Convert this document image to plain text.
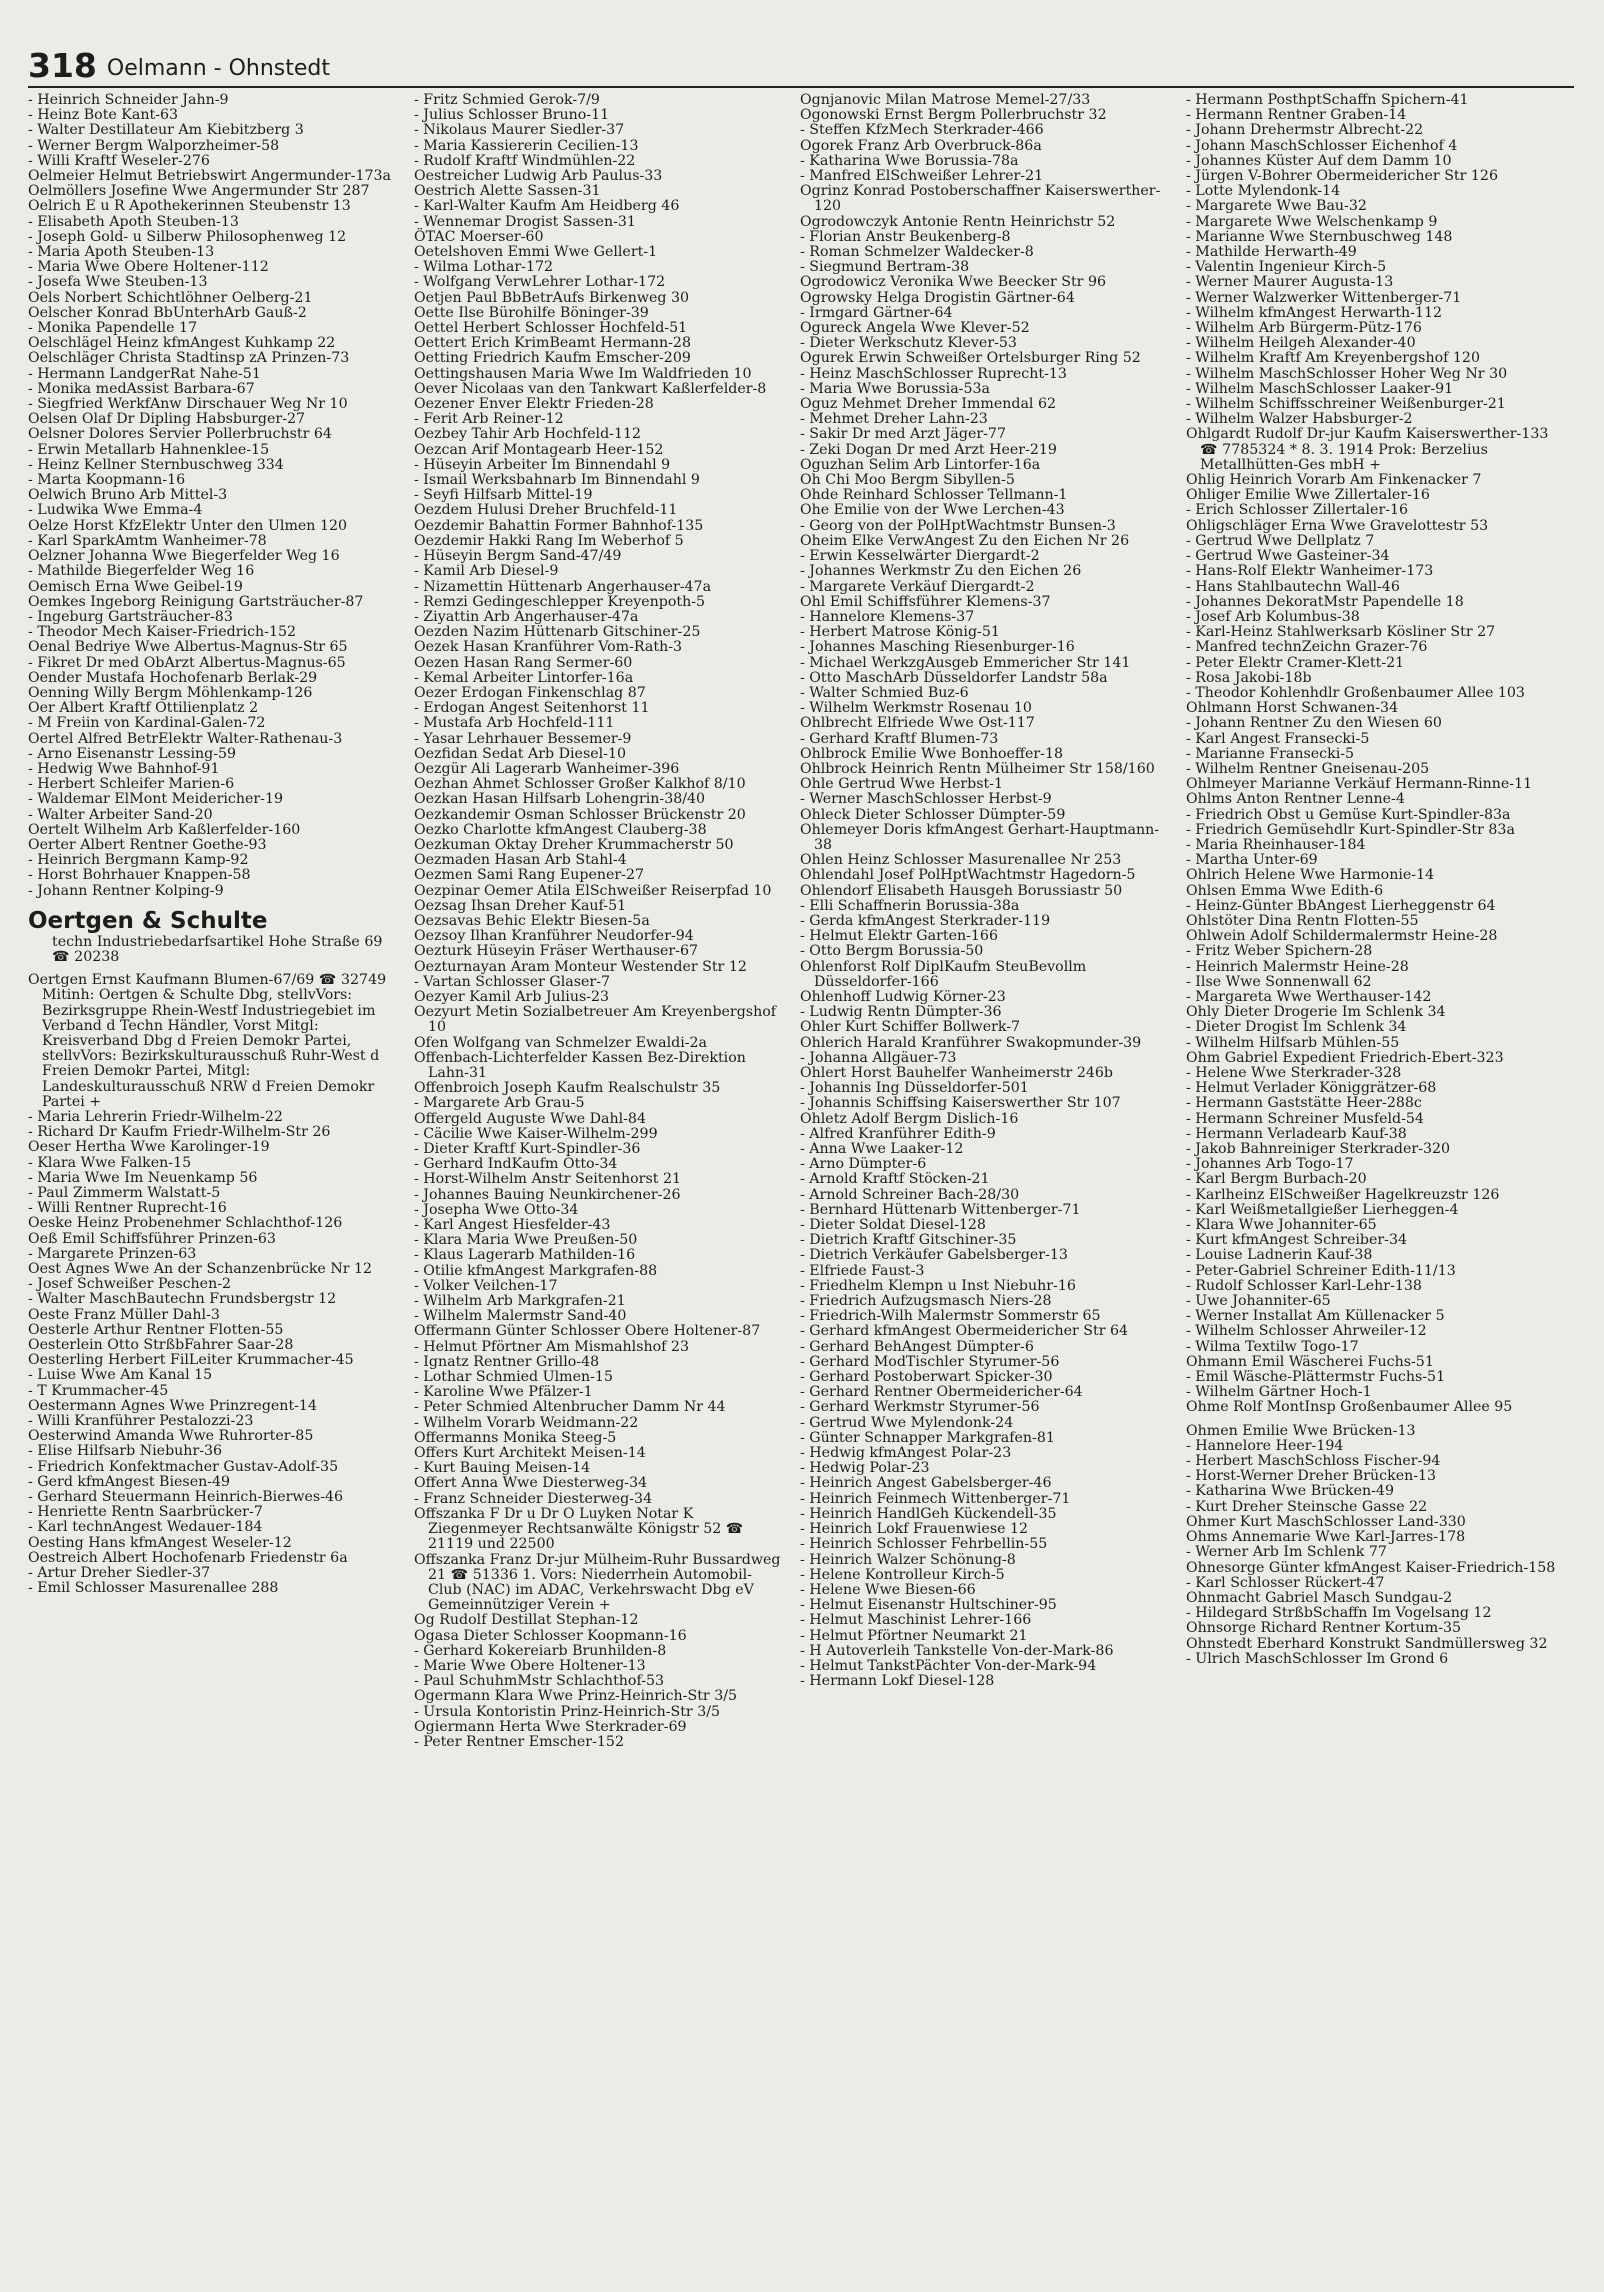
318 Oelmann - Ohnstedt

- Heinrich Schneider Jahn-9

- Heinz Bote Kant-63

- Walter Destillateur Am Kiebitzberg 3

- Werner Bergm Walporzheimer-58

- Willi Kraftf Weseler-276

Oelmeier Helmut Betriebswirt Angermunder-173a

Oelmöllers Josefine Wwe Angermunder Str 287

Oelrich E u R Apothekerinnen Steubenstr 13

- Elisabeth Apoth Steuben-13

- Joseph Gold- u Silberw Philosophenweg 12

- Maria Apoth Steuben-13

- Maria Wwe Obere Holtener-112

- Josefa Wwe Steuben-13

Oels Norbert Schichtlöhner Oelberg-21

Oelscher Konrad BbUnterhArb Gauß-2

- Monika Papendelle 17

Oelschlägel Heinz kfmAngest Kuhkamp 22

Oelschläger Christa Stadtinsp zA Prinzen-73

- Hermann LandgerRat Nahe-51

- Monika medAssist Barbara-67

- Siegfried WerkfAnw Dirschauer Weg Nr 10

Oelsen Olaf Dr Dipling Habsburger-27

Oelsner Dolores Servier Pollerbruchstr 64

- Erwin Metallarb Hahnenklee-15

- Heinz Kellner Sternbuschweg 334

- Marta Koopmann-16

Oelwich Bruno Arb Mittel-3

- Ludwika Wwe Emma-4

Oelze Horst KfzElektr Unter den Ulmen 120

- Karl SparkAmtm Wanheimer-78

Oelzner Johanna Wwe Biegerfelder Weg 16

- Mathilde Biegerfelder Weg 16

Oemisch Erna Wwe Geibel-19

Oemkes Ingeborg Reinigung Gartsträucher-87

- Ingeburg Gartsträucher-83

- Theodor Mech Kaiser-Friedrich-152

Oenal Bedriye Wwe Albertus-Magnus-Str 65

- Fikret Dr med ObArzt Albertus-Magnus-65

Oender Mustafa Hochofenarb Berlak-29

Oenning Willy Bergm Möhlenkamp-126

Oer Albert Kraftf Ottilienplatz 2

- M Freiin von Kardinal-Galen-72

Oertel Alfred BetrElektr Walter-Rathenau-3

- Arno Eisenanstr Lessing-59

- Hedwig Wwe Bahnhof-91

- Herbert Schleifer Marien-6

- Waldemar ElMont Meidericher-19

- Walter Arbeiter Sand-20

Oertelt Wilhelm Arb Kaßlerfelder-160

Oerter Albert Rentner Goethe-93

- Heinrich Bergmann Kamp-92

- Horst Bohrhauer Knappen-58

- Johann Rentner Kolping-9

Oertgen & Schulte

techn Industriebedarfsartikel Hohe Straße 69 ☎ 20238

Oertgen Ernst Kaufmann Blumen-67/69 ☎ 32749 Mitinh: Oertgen & Schulte Dbg, stellvVors: Bezirksgruppe Rhein-Westf Industriegebiet im Verband d Techn Händler, Vorst Mitgl: Kreisverband Dbg d Freien Demokr Partei, stellvVors: Bezirkskulturausschuß Ruhr-West d Freien Demokr Partei, Mitgl: Landeskulturausschuß NRW d Freien Demokr Partei +

- Maria Lehrerin Friedr-Wilhelm-22

- Richard Dr Kaufm Friedr-Wilhelm-Str 26

Oeser Hertha Wwe Karolinger-19

- Klara Wwe Falken-15

- Maria Wwe Im Neuenkamp 56

- Paul Zimmerm Walstatt-5

- Willi Rentner Ruprecht-16

Oeske Heinz Probenehmer Schlachthof-126

Oeß Emil Schiffsführer Prinzen-63

- Margarete Prinzen-63

Oest Agnes Wwe An der Schanzenbrücke Nr 12

- Josef Schweißer Peschen-2

- Walter MaschBautechn Frundsbergstr 12

Oeste Franz Müller Dahl-3

Oesterle Arthur Rentner Flotten-55

Oesterlein Otto StrßbFahrer Saar-28

Oesterling Herbert FilLeiter Krummacher-45

- Luise Wwe Am Kanal 15

- T Krummacher-45

Oestermann Agnes Wwe Prinzregent-14

- Willi Kranführer Pestalozzi-23

Oesterwind Amanda Wwe Ruhrorter-85

- Elise Hilfsarb Niebuhr-36

- Friedrich Konfektmacher Gustav-Adolf-35

- Gerd kfmAngest Biesen-49

- Gerhard Steuermann Heinrich-Bierwes-46

- Henriette Rentn Saarbrücker-7

- Karl technAngest Wedauer-184

Oesting Hans kfmAngest Weseler-12

Oestreich Albert Hochofenarb Friedenstr 6a

- Artur Dreher Siedler-37

- Emil Schlosser Masurenallee 288

- Fritz Schmied Gerok-7/9

- Julius Schlosser Bruno-11

- Nikolaus Maurer Siedler-37

- Maria Kassiererin Cecilien-13

- Rudolf Kraftf Windmühlen-22

Oestreicher Ludwig Arb Paulus-33

Oestrich Alette Sassen-31

- Karl-Walter Kaufm Am Heidberg 46

- Wennemar Drogist Sassen-31

ÖTAC Moerser-60

Oetelshoven Emmi Wwe Gellert-1

- Wilma Lothar-172

- Wolfgang VerwLehrer Lothar-172

Oetjen Paul BbBetrAufs Birkenweg 30

Oette Ilse Bürohilfe Böninger-39

Oettel Herbert Schlosser Hochfeld-51

Oettert Erich KrimBeamt Hermann-28

Oetting Friedrich Kaufm Emscher-209

Oettingshausen Maria Wwe Im Waldfrieden 10

Oever Nicolaas van den Tankwart Kaßlerfelder-8

Oezener Enver Elektr Frieden-28

- Ferit Arb Reiner-12

Oezbey Tahir Arb Hochfeld-112

Oezcan Arif Montagearb Heer-152

- Hüseyin Arbeiter Im Binnendahl 9

- Ismail Werksbahnarb Im Binnendahl 9

- Seyfi Hilfsarb Mittel-19

Oezdem Hulusi Dreher Bruchfeld-11

Oezdemir Bahattin Former Bahnhof-135

Oezdemir Hakki Rang Im Weberhof 5

- Hüseyin Bergm Sand-47/49

- Kamil Arb Diesel-9

- Nizamettin Hüttenarb Angerhauser-47a

- Remzi Gedingeschlepper Kreyenpoth-5

- Ziyattin Arb Angerhauser-47a

Oezden Nazim Hüttenarb Gitschiner-25

Oezek Hasan Kranführer Vom-Rath-3

Oezen Hasan Rang Sermer-60

- Kemal Arbeiter Lintorfer-16a

Oezer Erdogan Finkenschlag 87

- Erdogan Angest Seitenhorst 11

- Mustafa Arb Hochfeld-111

- Yasar Lehrhauer Bessemer-9

Oezfidan Sedat Arb Diesel-10

Oezgür Ali Lagerarb Wanheimer-396

Oezhan Ahmet Schlosser Großer Kalkhof 8/10

Oezkan Hasan Hilfsarb Lohengrin-38/40

Oezkandemir Osman Schlosser Brückenstr 20

Oezko Charlotte kfmAngest Clauberg-38

Oezkuman Oktay Dreher Krummacherstr 50

Oezmaden Hasan Arb Stahl-4

Oezmen Sami Rang Eupener-27

Oezpinar Oemer Atila ElSchweißer Reiserpfad 10

Oezsag Ihsan Dreher Kauf-51

Oezsavas Behic Elektr Biesen-5a

Oezsoy Ilhan Kranführer Neudorfer-94

Oezturk Hüseyin Fräser Werthauser-67

Oezturnayan Aram Monteur Westender Str 12

- Vartan Schlosser Glaser-7

Oezyer Kamil Arb Julius-23

Oezyurt Metin Sozialbetreuer Am Kreyenbergshof 10

Ofen Wolfgang van Schmelzer Ewaldi-2a

Offenbach-Lichterfelder Kassen Bez-Direktion Lahn-31

Offenbroich Joseph Kaufm Realschulstr 35

- Margarete Arb Grau-5

Offergeld Auguste Wwe Dahl-84

- Cäcilie Wwe Kaiser-Wilhelm-299

- Dieter Kraftf Kurt-Spindler-36

- Gerhard IndKaufm Otto-34

- Horst-Wilhelm Anstr Seitenhorst 21

- Johannes Bauing Neunkirchener-26

- Josepha Wwe Otto-34

- Karl Angest Hiesfelder-43

- Klara Maria Wwe Preußen-50

- Klaus Lagerarb Mathilden-16

- Otilie kfmAngest Markgrafen-88

- Volker Veilchen-17

- Wilhelm Arb Markgrafen-21

- Wilhelm Malermstr Sand-40

Offermann Günter Schlosser Obere Holtener-87

- Helmut Pförtner Am Mismahlshof 23

- Ignatz Rentner Grillo-48

- Lothar Schmied Ulmen-15

- Karoline Wwe Pfälzer-1

- Peter Schmied Altenbrucher Damm Nr 44

- Wilhelm Vorarb Weidmann-22

Offermanns Monika Steeg-5

Offers Kurt Architekt Meisen-14

- Kurt Bauing Meisen-14

Offert Anna Wwe Diesterweg-34

- Franz Schneider Diesterweg-34

Offszanka F Dr u Dr O Luyken Notar K Ziegenmeyer Rechtsanwälte Königstr 52 ☎ 21119 und 22500

Offszanka Franz Dr-jur Mülheim-Ruhr Bussardweg 21 ☎ 51336 1. Vors: Niederrhein Automobil-Club (NAC) im ADAC, Verkehrswacht Dbg eV Gemeinnütziger Verein +

Og Rudolf Destillat Stephan-12

Ogasa Dieter Schlosser Koopmann-16

- Gerhard Kokereiarb Brunhilden-8

- Marie Wwe Obere Holtener-13

- Paul SchuhmMstr Schlachthof-53

Ogermann Klara Wwe Prinz-Heinrich-Str 3/5

- Ursula Kontoristin Prinz-Heinrich-Str 3/5

Ogiermann Herta Wwe Sterkrader-69

- Peter Rentner Emscher-152

Ognjanovic Milan Matrose Memel-27/33

Ogonowski Ernst Bergm Pollerbruchstr 32

- Steffen KfzMech Sterkrader-466

Ogorek Franz Arb Overbruck-86a

- Katharina Wwe Borussia-78a

- Manfred ElSchweißer Lehrer-21

Ogrinz Konrad Postoberschaffner Kaiserswerther-120

Ogrodowczyk Antonie Rentn Heinrichstr 52

- Florian Anstr Beukenberg-8

- Roman Schmelzer Waldecker-8

- Siegmund Bertram-38

Ogrodowicz Veronika Wwe Beecker Str 96

Ogrowsky Helga Drogistin Gärtner-64

- Irmgard Gärtner-64

Ogureck Angela Wwe Klever-52

- Dieter Werkschutz Klever-53

Ogurek Erwin Schweißer Ortelsburger Ring 52

- Heinz MaschSchlosser Ruprecht-13

- Maria Wwe Borussia-53a

Oguz Mehmet Dreher Immendal 62

- Mehmet Dreher Lahn-23

- Sakir Dr med Arzt Jäger-77

- Zeki Dogan Dr med Arzt Heer-219

Oguzhan Selim Arb Lintorfer-16a

Oh Chi Moo Bergm Sibyllen-5

Ohde Reinhard Schlosser Tellmann-1

Ohe Emilie von der Wwe Lerchen-43

- Georg von der PolHptWachtmstr Bunsen-3

Oheim Elke VerwAngest Zu den Eichen Nr 26

- Erwin Kesselwärter Diergardt-2

- Johannes Werkmstr Zu den Eichen 26

- Margarete Verkäuf Diergardt-2

Ohl Emil Schiffsführer Klemens-37

- Hannelore Klemens-37

- Herbert Matrose König-51

- Johannes Masching Riesenburger-16

- Michael WerkzgAusgeb Emmericher Str 141

- Otto MaschArb Düsseldorfer Landstr 58a

- Walter Schmied Buz-6

- Wilhelm Werkmstr Rosenau 10

Ohlbrecht Elfriede Wwe Ost-117

- Gerhard Kraftf Blumen-73

Ohlbrock Emilie Wwe Bonhoeffer-18

Ohlbrock Heinrich Rentn Mülheimer Str 158/160

Ohle Gertrud Wwe Herbst-1

- Werner MaschSchlosser Herbst-9

Ohleck Dieter Schlosser Dümpter-59

Ohlemeyer Doris kfmAngest Gerhart-Hauptmann-38

Ohlen Heinz Schlosser Masurenallee Nr 253

Ohlendahl Josef PolHptWachtmstr Hagedorn-5

Ohlendorf Elisabeth Hausgeh Borussiastr 50

- Elli Schaffnerin Borussia-38a

- Gerda kfmAngest Sterkrader-119

- Helmut Elektr Garten-166

- Otto Bergm Borussia-50

Ohlenforst Rolf DiplKaufm SteuBevollm Düsseldorfer-166

Ohlenhoff Ludwig Körner-23

- Ludwig Rentn Dümpter-36

Ohler Kurt Schiffer Bollwerk-7

Ohlerich Harald Kranführer Swakopmunder-39

- Johanna Allgäuer-73

Ohlert Horst Bauhelfer Wanheimerstr 246b

- Johannis Ing Düsseldorfer-501

- Johannis Schiffsing Kaiserswerther Str 107

Ohletz Adolf Bergm Dislich-16

- Alfred Kranführer Edith-9

- Anna Wwe Laaker-12

- Arno Dümpter-6

- Arnold Kraftf Stöcken-21

- Arnold Schreiner Bach-28/30

- Bernhard Hüttenarb Wittenberger-71

- Dieter Soldat Diesel-128

- Dietrich Kraftf Gitschiner-35

- Dietrich Verkäufer Gabelsberger-13

- Elfriede Faust-3

- Friedhelm Klempn u Inst Niebuhr-16

- Friedrich Aufzugsmasch Niers-28

- Friedrich-Wilh Malermstr Sommerstr 65

- Gerhard kfmAngest Obermeidericher Str 64

- Gerhard BehAngest Dümpter-6

- Gerhard ModTischler Styrumer-56

- Gerhard Postoberwart Spicker-30

- Gerhard Rentner Obermeidericher-64

- Gerhard Werkmstr Styrumer-56

- Gertrud Wwe Mylendonk-24

- Günter Schnapper Markgrafen-81

- Hedwig kfmAngest Polar-23

- Hedwig Polar-23

- Heinrich Angest Gabelsberger-46

- Heinrich Feinmech Wittenberger-71

- Heinrich HandlGeh Kückendell-35

- Heinrich Lokf Frauenwiese 12

- Heinrich Schlosser Fehrbellin-55

- Heinrich Walzer Schönung-8

- Helene Kontrolleur Kirch-5

- Helene Wwe Biesen-66

- Helmut Eisenanstr Hultschiner-95

- Helmut Maschinist Lehrer-166

- Helmut Pförtner Neumarkt 21

- H Autoverleih Tankstelle Von-der-Mark-86

- Helmut TankstPächter Von-der-Mark-94

- Hermann Lokf Diesel-128

- Hermann PosthptSchaffn Spichern-41

- Hermann Rentner Graben-14

- Johann Drehermstr Albrecht-22

- Johann MaschSchlosser Eichenhof 4

- Johannes Küster Auf dem Damm 10

- Jürgen V-Bohrer Obermeidericher Str 126

- Lotte Mylendonk-14

- Margarete Wwe Bau-32

- Margarete Wwe Welschenkamp 9

- Marianne Wwe Sternbuschweg 148

- Mathilde Herwarth-49

- Valentin Ingenieur Kirch-5

- Werner Maurer Augusta-13

- Werner Walzwerker Wittenberger-71

- Wilhelm kfmAngest Herwarth-112

- Wilhelm Arb Bürgerm-Pütz-176

- Wilhelm Heilgeh Alexander-40

- Wilhelm Kraftf Am Kreyenbergshof 120

- Wilhelm MaschSchlosser Hoher Weg Nr 30

- Wilhelm MaschSchlosser Laaker-91

- Wilhelm Schiffsschreiner Weißenburger-21

- Wilhelm Walzer Habsburger-2

Ohlgardt Rudolf Dr-jur Kaufm Kaiserswerther-133 ☎ 7785324 * 8. 3. 1914 Prok: Berzelius Metallhütten-Ges mbH +

Ohlig Heinrich Vorarb Am Finkenacker 7

Ohliger Emilie Wwe Zillertaler-16

- Erich Schlosser Zillertaler-16

Ohligschläger Erna Wwe Gravelottestr 53

- Gertrud Wwe Dellplatz 7

- Gertrud Wwe Gasteiner-34

- Hans-Rolf Elektr Wanheimer-173

- Hans Stahlbautechn Wall-46

- Johannes DekoratMstr Papendelle 18

- Josef Arb Kolumbus-38

- Karl-Heinz Stahlwerksarb Kösliner Str 27

- Manfred technZeichn Grazer-76

- Peter Elektr Cramer-Klett-21

- Rosa Jakobi-18b

- Theodor Kohlenhdlr Großenbaumer Allee 103

Ohlmann Horst Schwanen-34

- Johann Rentner Zu den Wiesen 60

- Karl Angest Fransecki-5

- Marianne Fransecki-5

- Wilhelm Rentner Gneisenau-205

Ohlmeyer Marianne Verkäuf Hermann-Rinne-11

Ohlms Anton Rentner Lenne-4

- Friedrich Obst u Gemüse Kurt-Spindler-83a

- Friedrich Gemüsehdlr Kurt-Spindler-Str 83a

- Maria Rheinhauser-184

- Martha Unter-69

Ohlrich Helene Wwe Harmonie-14

Ohlsen Emma Wwe Edith-6

- Heinz-Günter BbAngest Lierheggenstr 64

Ohlstöter Dina Rentn Flotten-55

Ohlwein Adolf Schildermalermstr Heine-28

- Fritz Weber Spichern-28

- Heinrich Malermstr Heine-28

- Ilse Wwe Sonnenwall 62

- Margareta Wwe Werthauser-142

Ohly Dieter Drogerie Im Schlenk 34

- Dieter Drogist Im Schlenk 34

- Wilhelm Hilfsarb Mühlen-55

Ohm Gabriel Expedient Friedrich-Ebert-323

- Helene Wwe Sterkrader-328

- Helmut Verlader Königgrätzer-68

- Hermann Gaststätte Heer-288c

- Hermann Schreiner Musfeld-54

- Hermann Verladearb Kauf-38

- Jakob Bahnreiniger Sterkrader-320

- Johannes Arb Togo-17

- Karl Bergm Burbach-20

- Karlheinz ElSchweißer Hagelkreuzstr 126

- Karl Weißmetallgießer Lierheggen-4

- Klara Wwe Johanniter-65

- Kurt kfmAngest Schreiber-34

- Louise Ladnerin Kauf-38

- Peter-Gabriel Schreiner Edith-11/13

- Rudolf Schlosser Karl-Lehr-138

- Uwe Johanniter-65

- Werner Installat Am Küllenacker 5

- Wilhelm Schlosser Ahrweiler-12

- Wilma Textilw Togo-17

Ohmann Emil Wäscherei Fuchs-51

- Emil Wäsche-Plättermstr Fuchs-51

- Wilhelm Gärtner Hoch-1

Ohme Rolf MontInsp Großenbaumer Allee 95

Ohmen Emilie Wwe Brücken-13

- Hannelore Heer-194

- Herbert MaschSchloss Fischer-94

- Horst-Werner Dreher Brücken-13

- Katharina Wwe Brücken-49

- Kurt Dreher Steinsche Gasse 22

Ohmer Kurt MaschSchlosser Land-330

Ohms Annemarie Wwe Karl-Jarres-178

- Werner Arb Im Schlenk 77

Ohnesorge Günter kfmAngest Kaiser-Friedrich-158

- Karl Schlosser Rückert-47

Ohnmacht Gabriel Masch Sundgau-2

- Hildegard StrßbSchaffn Im Vogelsang 12

Ohnsorge Richard Rentner Kortum-35

Ohnstedt Eberhard Konstrukt Sandmüllersweg 32

- Ulrich MaschSchlosser Im Grond 6
